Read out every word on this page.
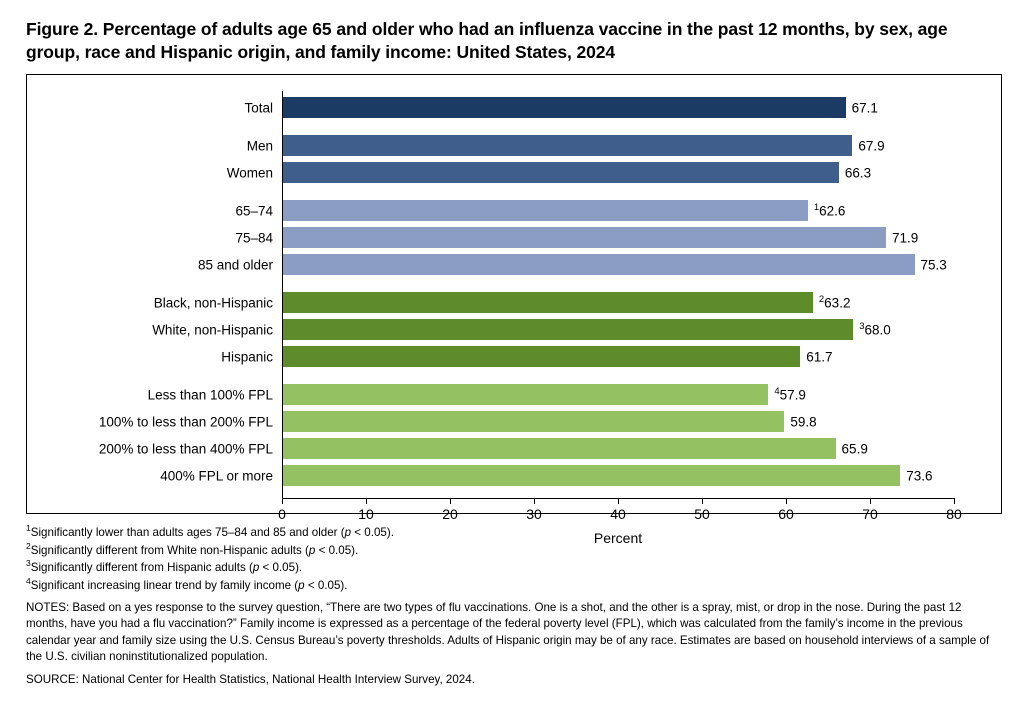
Figure 2. Percentage of adults age 65 and older who had an influenza vaccine in the past 12 months, by sex, age group, race and Hispanic origin, and family income: United States, 2024
Total	67.1
Men	67.9
Women	66.3
65–74	$^1$62.6
75–84	71.9
85 and older	75.3
Black, non-Hispanic	$^2$63.2
White, non-Hispanic	$^3$68.0
Hispanic	61.7
Less than 100% FPL	$^4$57.9
100% to less than 200% FPL	59.8
200% to less than 400% FPL	65.9
400% FPL or more	73.6
0	10	20	30	40	50	60	70	80
Percent

$^1$Significantly lower than adults ages 75–84 and 85 and older (p < 0.05).

$^2$Significantly different from White non-Hispanic adults (p < 0.05).

$^3$Significantly different from Hispanic adults (p < 0.05).

$^4$Significant increasing linear trend by family income (p < 0.05).

NOTES: Based on a yes response to the survey question, “There are two types of flu vaccinations. One is a shot, and the other is a spray, mist, or drop in the nose. During the past 12 months, have you had a flu vaccination?” Family income is expressed as a percentage of the federal poverty level (FPL), which was calculated from the family’s income in the previous calendar year and family size using the U.S. Census Bureau’s poverty thresholds. Adults of Hispanic origin may be of any race. Estimates are based on household interviews of a sample of the U.S. civilian noninstitutionalized population.

SOURCE: National Center for Health Statistics, National Health Interview Survey, 2024.
